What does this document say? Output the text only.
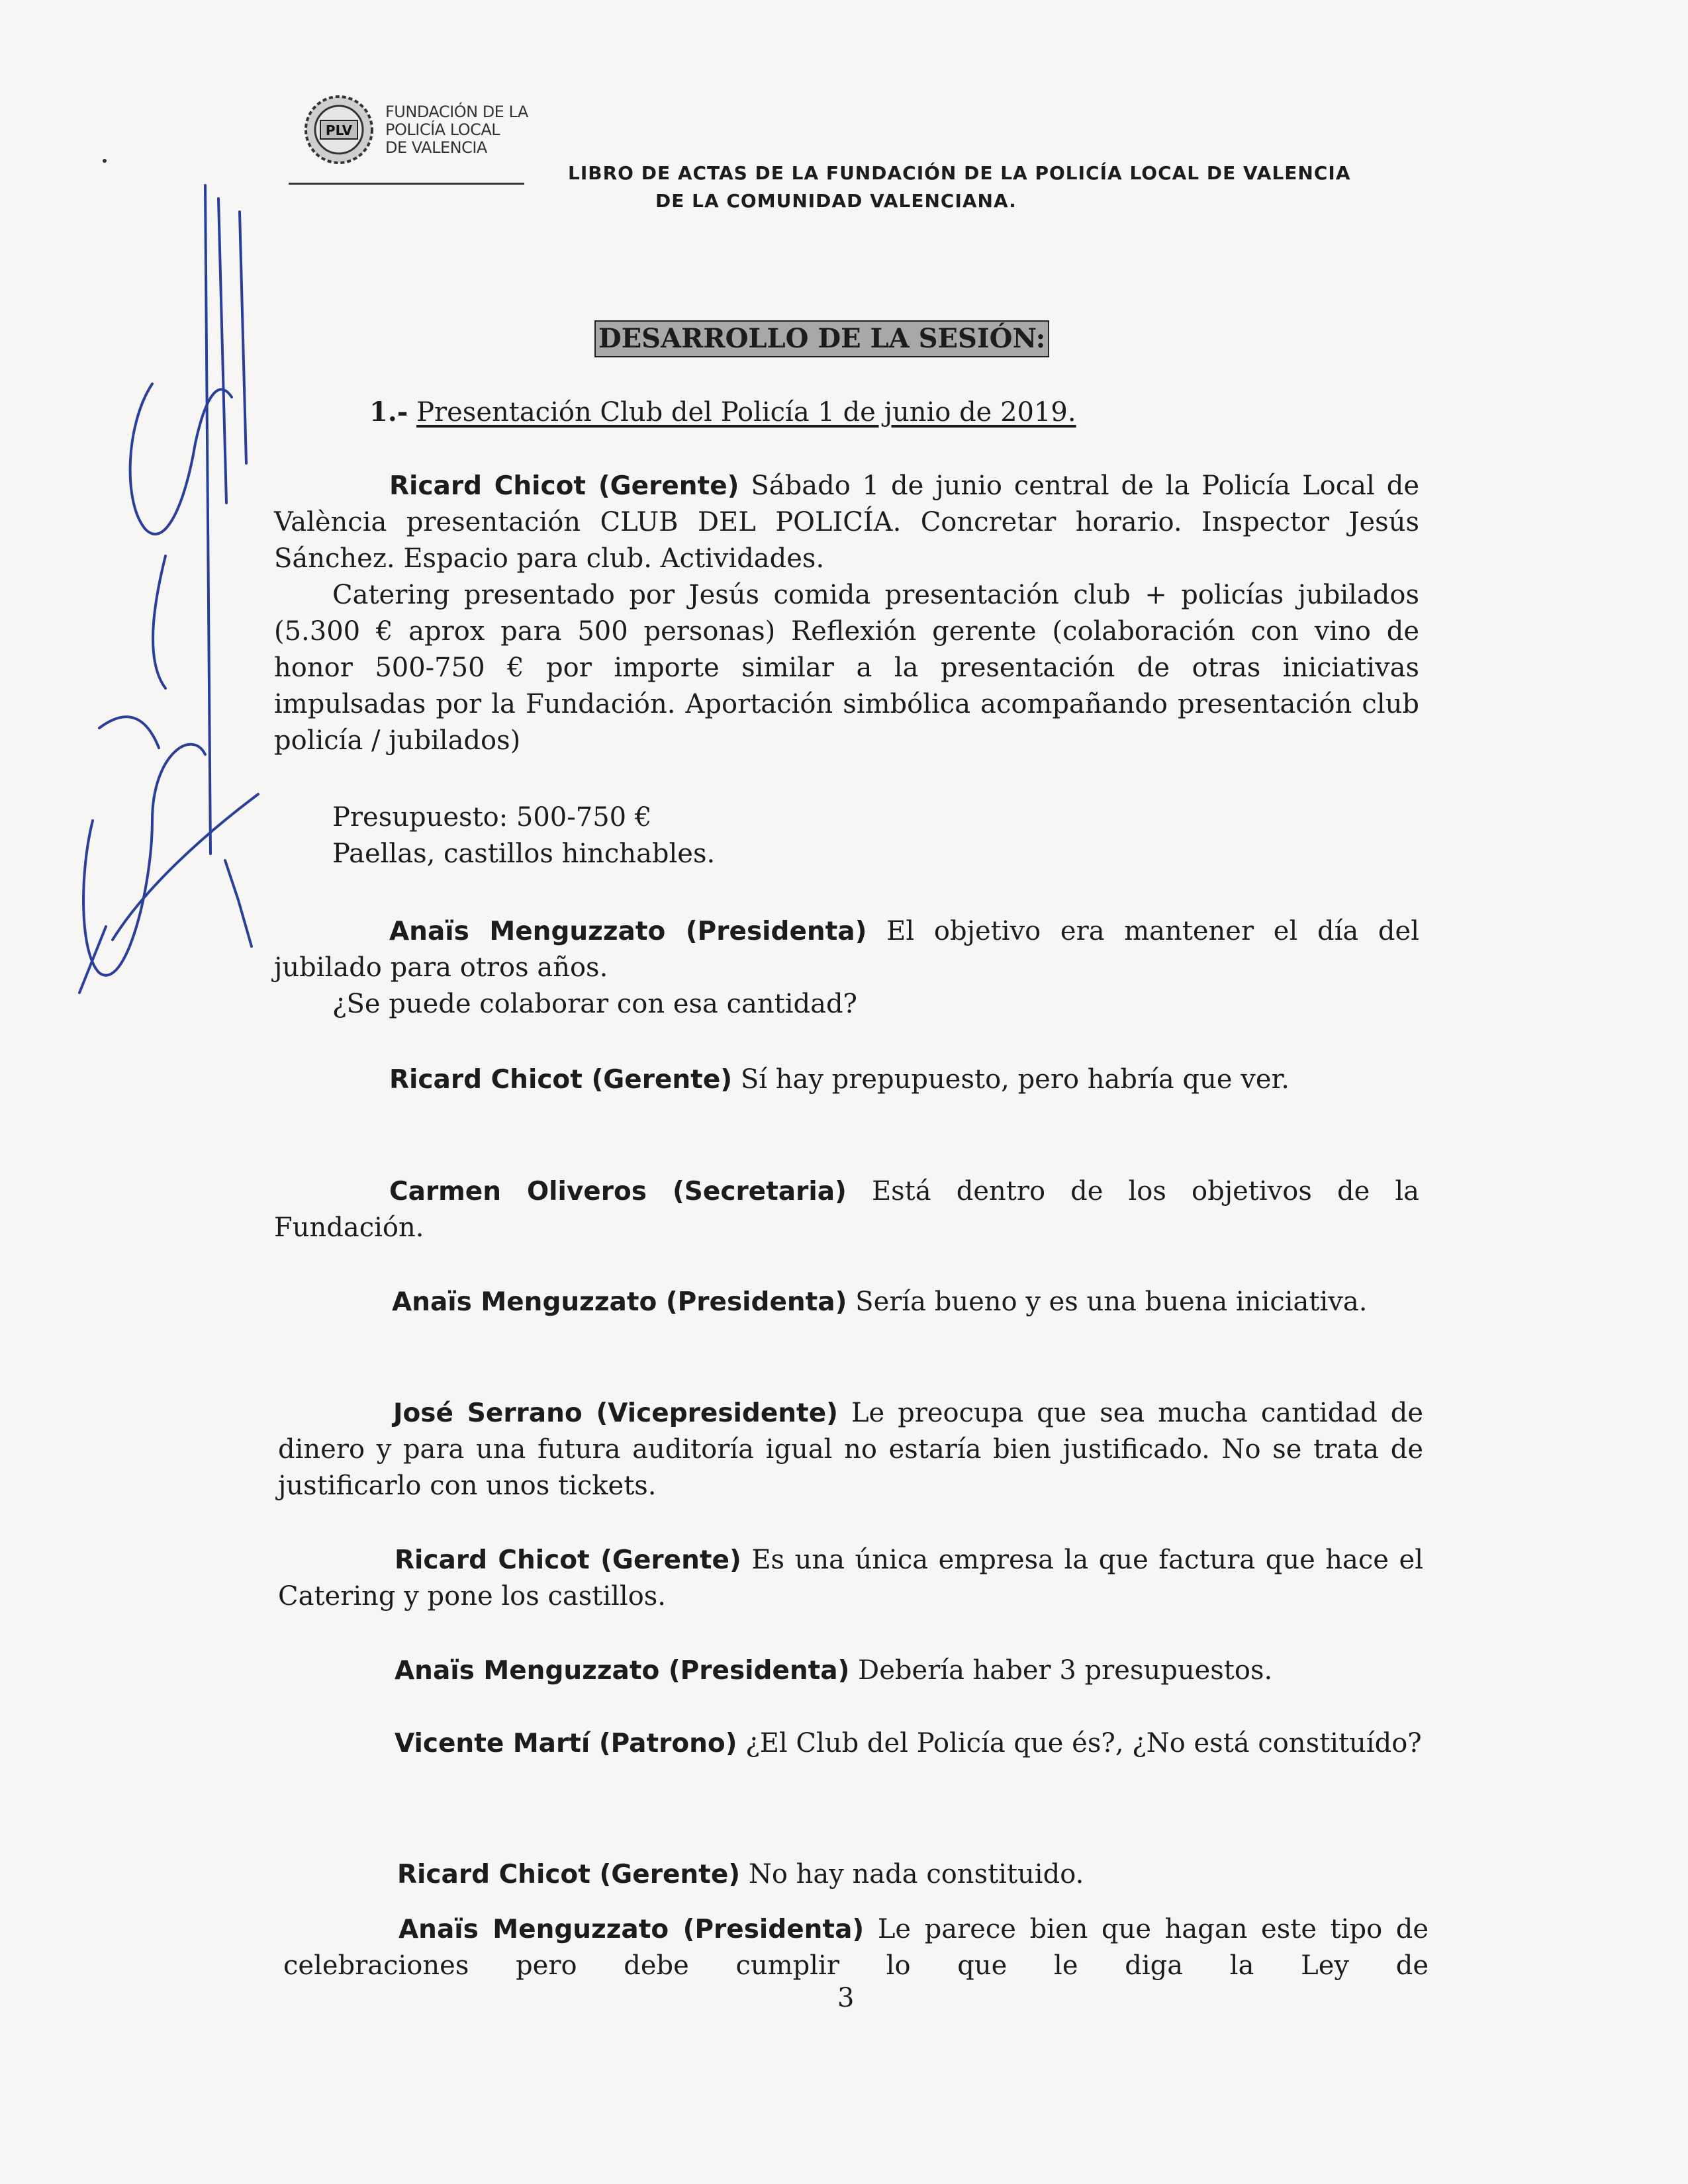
PLV
FUNDACIÓN DE LA
POLICÍA LOCAL
DE VALENCIA
LIBRO DE ACTAS DE LA FUNDACIÓN DE LA POLICÍA LOCAL DE VALENCIA
DE LA COMUNIDAD VALENCIANA.
DESARROLLO DE LA SESIÓN:
1.- Presentación Club del Policía 1 de junio de 2019.
Ricard Chicot (Gerente) Sábado 1 de junio central de la Policía Local de València presentación CLUB DEL POLICÍA. Concretar horario. Inspector Jesús Sánchez. Espacio para club. Actividades.
Catering presentado por Jesús comida presentación club + policías jubilados (5.300 € aprox para 500 personas) Reflexión gerente (colaboración con vino de honor 500-750 € por importe similar a la presentación de otras iniciativas impulsadas por la Fundación. Aportación simbólica acompañando presentación club policía / jubilados)
Presupuesto: 500-750 €
Paellas, castillos hinchables.
Anaïs Menguzzato (Presidenta) El objetivo era mantener el día del jubilado para otros años.
¿Se puede colaborar con esa cantidad?
Ricard Chicot (Gerente) Sí hay prepupuesto, pero habría que ver.
Carmen Oliveros (Secretaria) Está dentro de los objetivos de la Fundación.
Anaïs Menguzzato (Presidenta) Sería bueno y es una buena iniciativa.
José Serrano (Vicepresidente) Le preocupa que sea mucha cantidad de dinero y para una futura auditoría igual no estaría bien justificado. No se trata de justificarlo con unos tickets.
Ricard Chicot (Gerente) Es una única empresa la que factura que hace el Catering y pone los castillos.
Anaïs Menguzzato (Presidenta) Debería haber 3 presupuestos.
Vicente Martí (Patrono) ¿El Club del Policía que és?, ¿No está constituído?
Ricard Chicot (Gerente) No hay nada constituido.
Anaïs Menguzzato (Presidenta) Le parece bien que hagan este tipo de celebraciones pero debe cumplir lo que le diga la Ley de
3
